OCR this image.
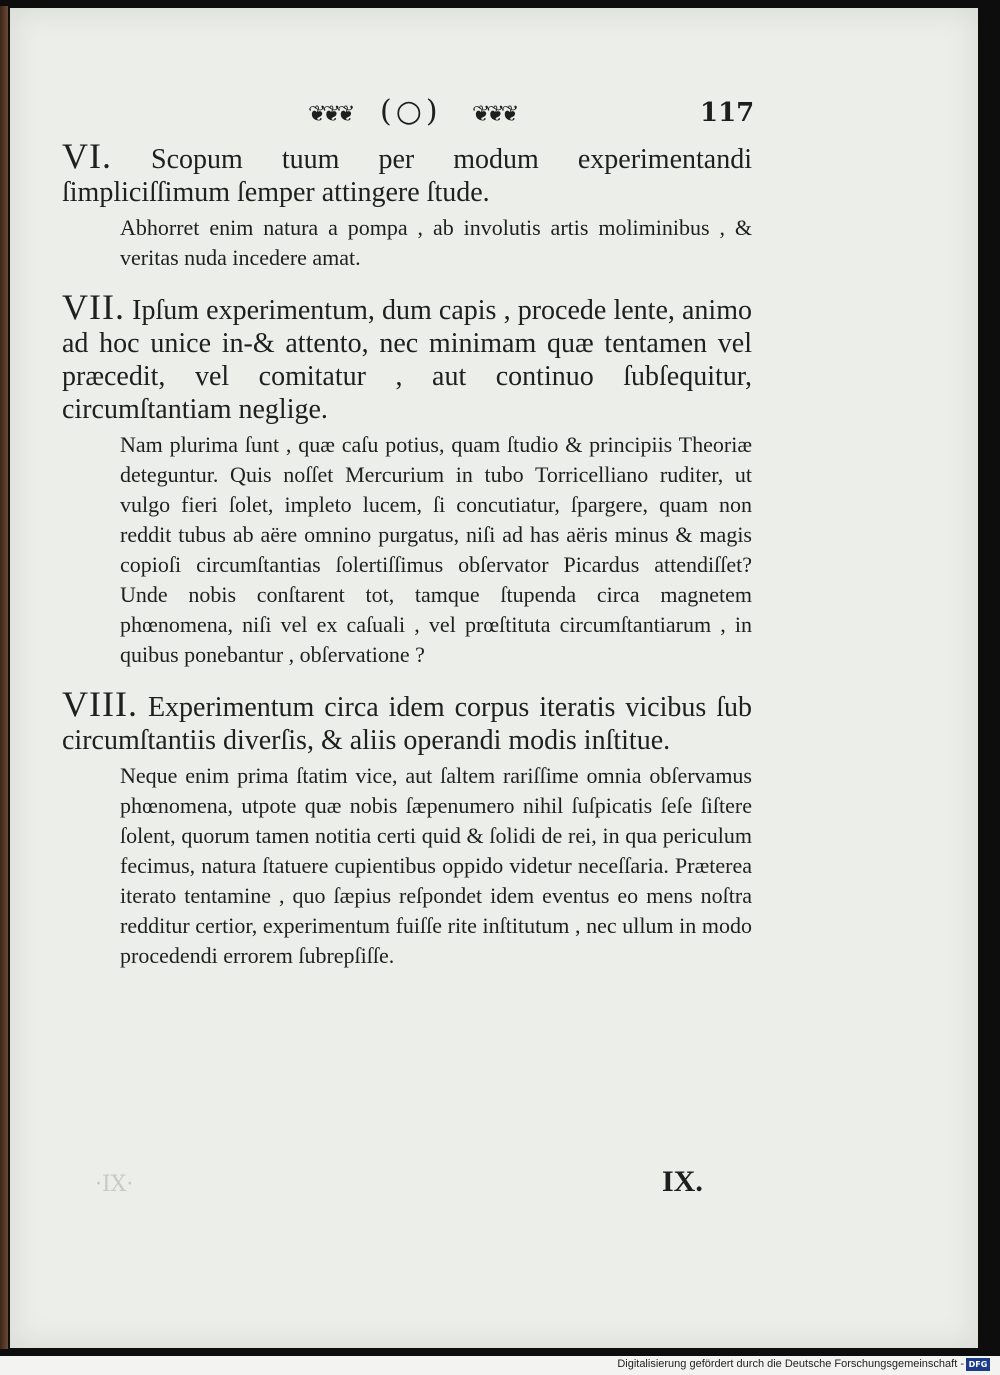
❦❦❦ (○) ❦❦❦	117

VI. Scopum tuum per modum experimentandi ſimpliciſſimum ſemper attingere ſtude.

Abhorret enim natura a pompa , ab involutis artis moliminibus , & veritas nuda incedere amat.

VII. Ipſum experimentum, dum capis , procede lente, animo ad hoc unice in-& attento, nec minimam quæ tentamen vel præcedit, vel comitatur , aut continuo ſubſequitur, circumſtantiam neglige.

Nam plurima ſunt , quæ caſu potius, quam ſtudio & principiis Theoriæ deteguntur. Quis noſſet Mercurium in tubo Torricelliano ruditer, ut vulgo fieri ſolet, impleto lucem, ſi concutiatur, ſpargere, quam non reddit tubus ab aëre omnino purgatus, niſi ad has aëris minus & magis copioſi circumſtantias ſolertiſſimus obſervator Picardus attendiſſet? Unde nobis conſtarent tot, tamque ſtupenda circa magnetem phœnomena, niſi vel ex caſuali , vel prœſtituta circumſtantiarum , in quibus ponebantur , obſervatione ?

VIII. Experimentum circa idem corpus iteratis vicibus ſub circumſtantiis diverſis, & aliis operandi modis inſtitue.

Neque enim prima ſtatim vice, aut ſaltem rariſſime omnia obſervamus phœnomena, utpote quæ nobis ſæpenumero nihil ſuſpicatis ſeſe ſiſtere ſolent, quorum tamen notitia certi quid & ſolidi de rei, in qua periculum fecimus, natura ſtatuere cupientibus oppido videtur neceſſaria. Præterea iterato tentamine , quo ſæpius reſpondet idem eventus eo mens noſtra redditur certior, experimentum fuiſſe rite inſtitutum , nec ullum in modo procedendi errorem ſubrepſiſſe.

·IX·	IX.
Digitalisierung gefördert durch die Deutsche Forschungsgemeinschaft - DFG
